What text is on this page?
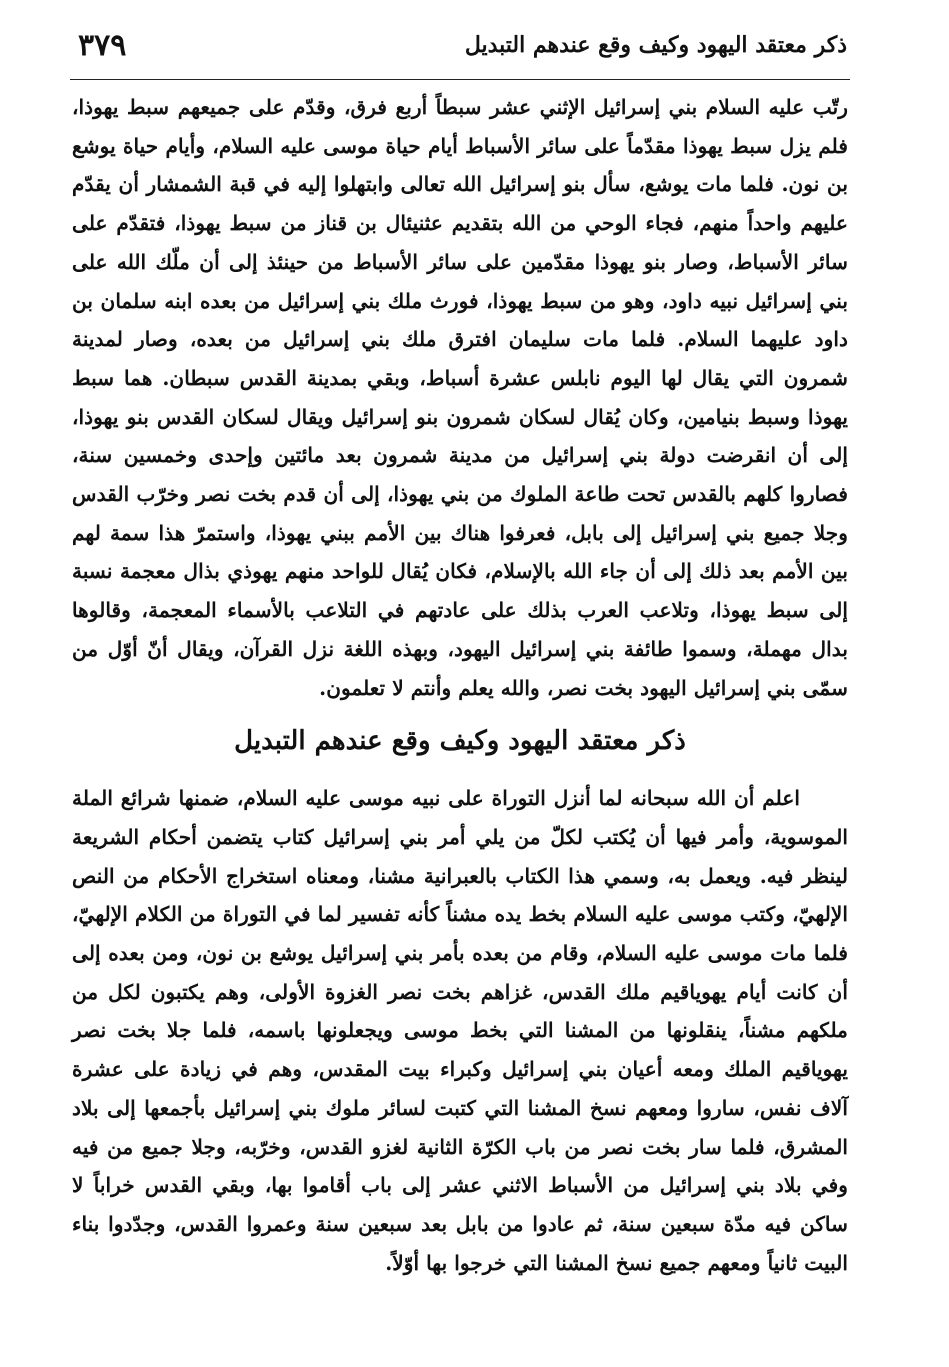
ذكر معتقد اليهود وكيف وقع عندهم التبديل
٣٧٩

رتّب عليه السلام بني إسرائيل الإثني عشر سبطاً أربع فرق، وقدّم على جميعهم سبط يهوذا، فلم يزل سبط يهوذا مقدّماً على سائر الأسباط أيام حياة موسى عليه السلام، وأيام حياة يوشع بن نون. فلما مات يوشع، سأل بنو إسرائيل الله تعالى وابتهلوا إليه في قبة الشمشار أن يقدّم عليهم واحداً منهم، فجاء الوحي من الله بتقديم عثنيئال بن قناز من سبط يهوذا، فتقدّم على سائر الأسباط، وصار بنو يهوذا مقدّمين على سائر الأسباط من حينئذ إلى أن ملّك الله على بني إسرائيل نبيه داود، وهو من سبط يهوذا، فورث ملك بني إسرائيل من بعده ابنه سلمان بن داود عليهما السلام. فلما مات سليمان افترق ملك بني إسرائيل من بعده، وصار لمدينة شمرون التي يقال لها اليوم نابلس عشرة أسباط، وبقي بمدينة القدس سبطان. هما سبط يهوذا وسبط بنيامين، وكان يُقال لسكان شمرون بنو إسرائيل ويقال لسكان القدس بنو يهوذا، إلى أن انقرضت دولة بني إسرائيل من مدينة شمرون بعد مائتين وإحدى وخمسين سنة، فصاروا كلهم بالقدس تحت طاعة الملوك من بني يهوذا، إلى أن قدم بخت نصر وخرّب القدس وجلا جميع بني إسرائيل إلى بابل، فعرفوا هناك بين الأمم ببني يهوذا، واستمرّ هذا سمة لهم بين الأمم بعد ذلك إلى أن جاء الله بالإسلام، فكان يُقال للواحد منهم يهوذي بذال معجمة نسبة إلى سبط يهوذا، وتلاعب العرب بذلك على عادتهم في التلاعب بالأسماء المعجمة، وقالوها بدال مهملة، وسموا طائفة بني إسرائيل اليهود، وبهذه اللغة نزل القرآن، ويقال أنّ أوّل من سمّى بني إسرائيل اليهود بخت نصر، والله يعلم وأنتم لا تعلمون.

ذكر معتقد اليهود وكيف وقع عندهم التبديل

اعلم أن الله سبحانه لما أنزل التوراة على نبيه موسى عليه السلام، ضمنها شرائع الملة الموسوية، وأمر فيها أن يُكتب لكلّ من يلي أمر بني إسرائيل كتاب يتضمن أحكام الشريعة لينظر فيه. ويعمل به، وسمي هذا الكتاب بالعبرانية مشنا، ومعناه استخراج الأحكام من النص الإلهيّ، وكتب موسى عليه السلام بخط يده مشناً كأنه تفسير لما في التوراة من الكلام الإلهيّ، فلما مات موسى عليه السلام، وقام من بعده بأمر بني إسرائيل يوشع بن نون، ومن بعده إلى أن كانت أيام يهوياقيم ملك القدس، غزاهم بخت نصر الغزوة الأولى، وهم يكتبون لكل من ملكهم مشناً، ينقلونها من المشنا التي بخط موسى ويجعلونها باسمه، فلما جلا بخت نصر يهوياقيم الملك ومعه أعيان بني إسرائيل وكبراء بيت المقدس، وهم في زيادة على عشرة آلاف نفس، ساروا ومعهم نسخ المشنا التي كتبت لسائر ملوك بني إسرائيل بأجمعها إلى بلاد المشرق، فلما سار بخت نصر من باب الكرّة الثانية لغزو القدس، وخرّبه، وجلا جميع من فيه وفي بلاد بني إسرائيل من الأسباط الاثني عشر إلى باب أقاموا بها، وبقي القدس خراباً لا ساكن فيه مدّة سبعين سنة، ثم عادوا من بابل بعد سبعين سنة وعمروا القدس، وجدّدوا بناء البيت ثانياً ومعهم جميع نسخ المشنا التي خرجوا بها أوّلاً.
